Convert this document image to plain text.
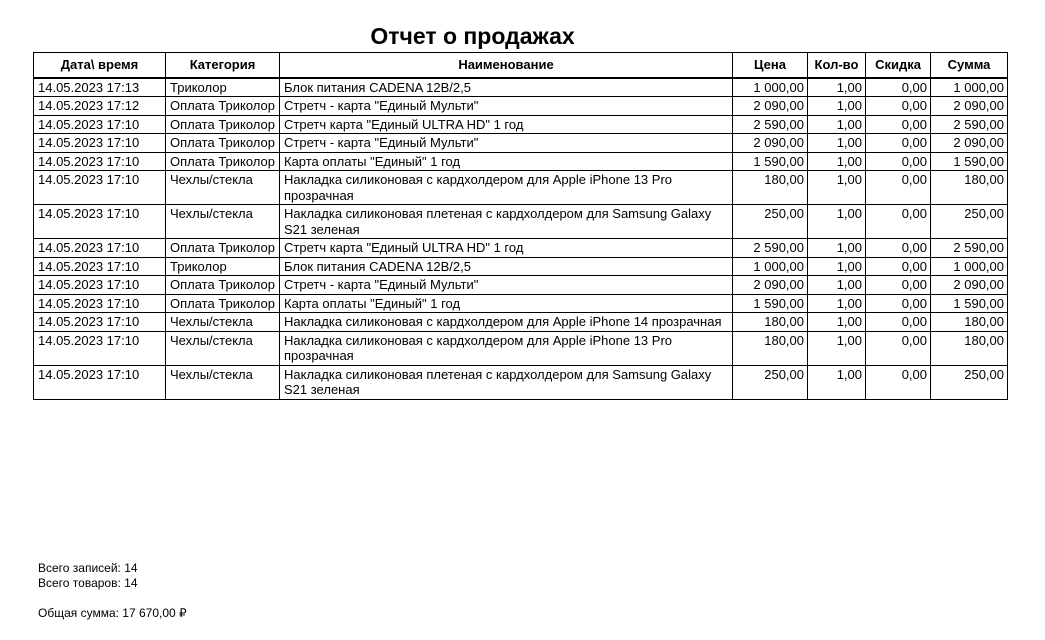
Отчет о продажах
Дата\ время	Категория	Наименование	Цена	Кол-во	Скидка	Сумма
14.05.2023 17:13	Триколор	Блок питания CADENA 12В/2,5	1 000,00	1,00	0,00	1 000,00
14.05.2023 17:12	Оплата Триколор	Стретч - карта "Единый Мульти"	2 090,00	1,00	0,00	2 090,00
14.05.2023 17:10	Оплата Триколор	Стретч карта "Единый ULTRA HD" 1 год	2 590,00	1,00	0,00	2 590,00
14.05.2023 17:10	Оплата Триколор	Стретч - карта "Единый Мульти"	2 090,00	1,00	0,00	2 090,00
14.05.2023 17:10	Оплата Триколор	Карта оплаты "Единый" 1 год	1 590,00	1,00	0,00	1 590,00
14.05.2023 17:10	Чехлы/стекла	Накладка силиконовая с кардхолдером для Apple iPhone 13 Pro прозрачная	180,00	1,00	0,00	180,00
14.05.2023 17:10	Чехлы/стекла	Накладка силиконовая плетеная с кардхолдером для Samsung Galaxy S21 зеленая	250,00	1,00	0,00	250,00
14.05.2023 17:10	Оплата Триколор	Стретч карта "Единый ULTRA HD" 1 год	2 590,00	1,00	0,00	2 590,00
14.05.2023 17:10	Триколор	Блок питания CADENA 12В/2,5	1 000,00	1,00	0,00	1 000,00
14.05.2023 17:10	Оплата Триколор	Стретч - карта "Единый Мульти"	2 090,00	1,00	0,00	2 090,00
14.05.2023 17:10	Оплата Триколор	Карта оплаты "Единый" 1 год	1 590,00	1,00	0,00	1 590,00
14.05.2023 17:10	Чехлы/стекла	Накладка силиконовая с кардхолдером для Apple iPhone 14 прозрачная	180,00	1,00	0,00	180,00
14.05.2023 17:10	Чехлы/стекла	Накладка силиконовая с кардхолдером для Apple iPhone 13 Pro прозрачная	180,00	1,00	0,00	180,00
14.05.2023 17:10	Чехлы/стекла	Накладка силиконовая плетеная с кардхолдером для Samsung Galaxy S21 зеленая	250,00	1,00	0,00	250,00
Всего записей: 14
Всего товаров: 14
Общая сумма: 17 670,00 ₽
